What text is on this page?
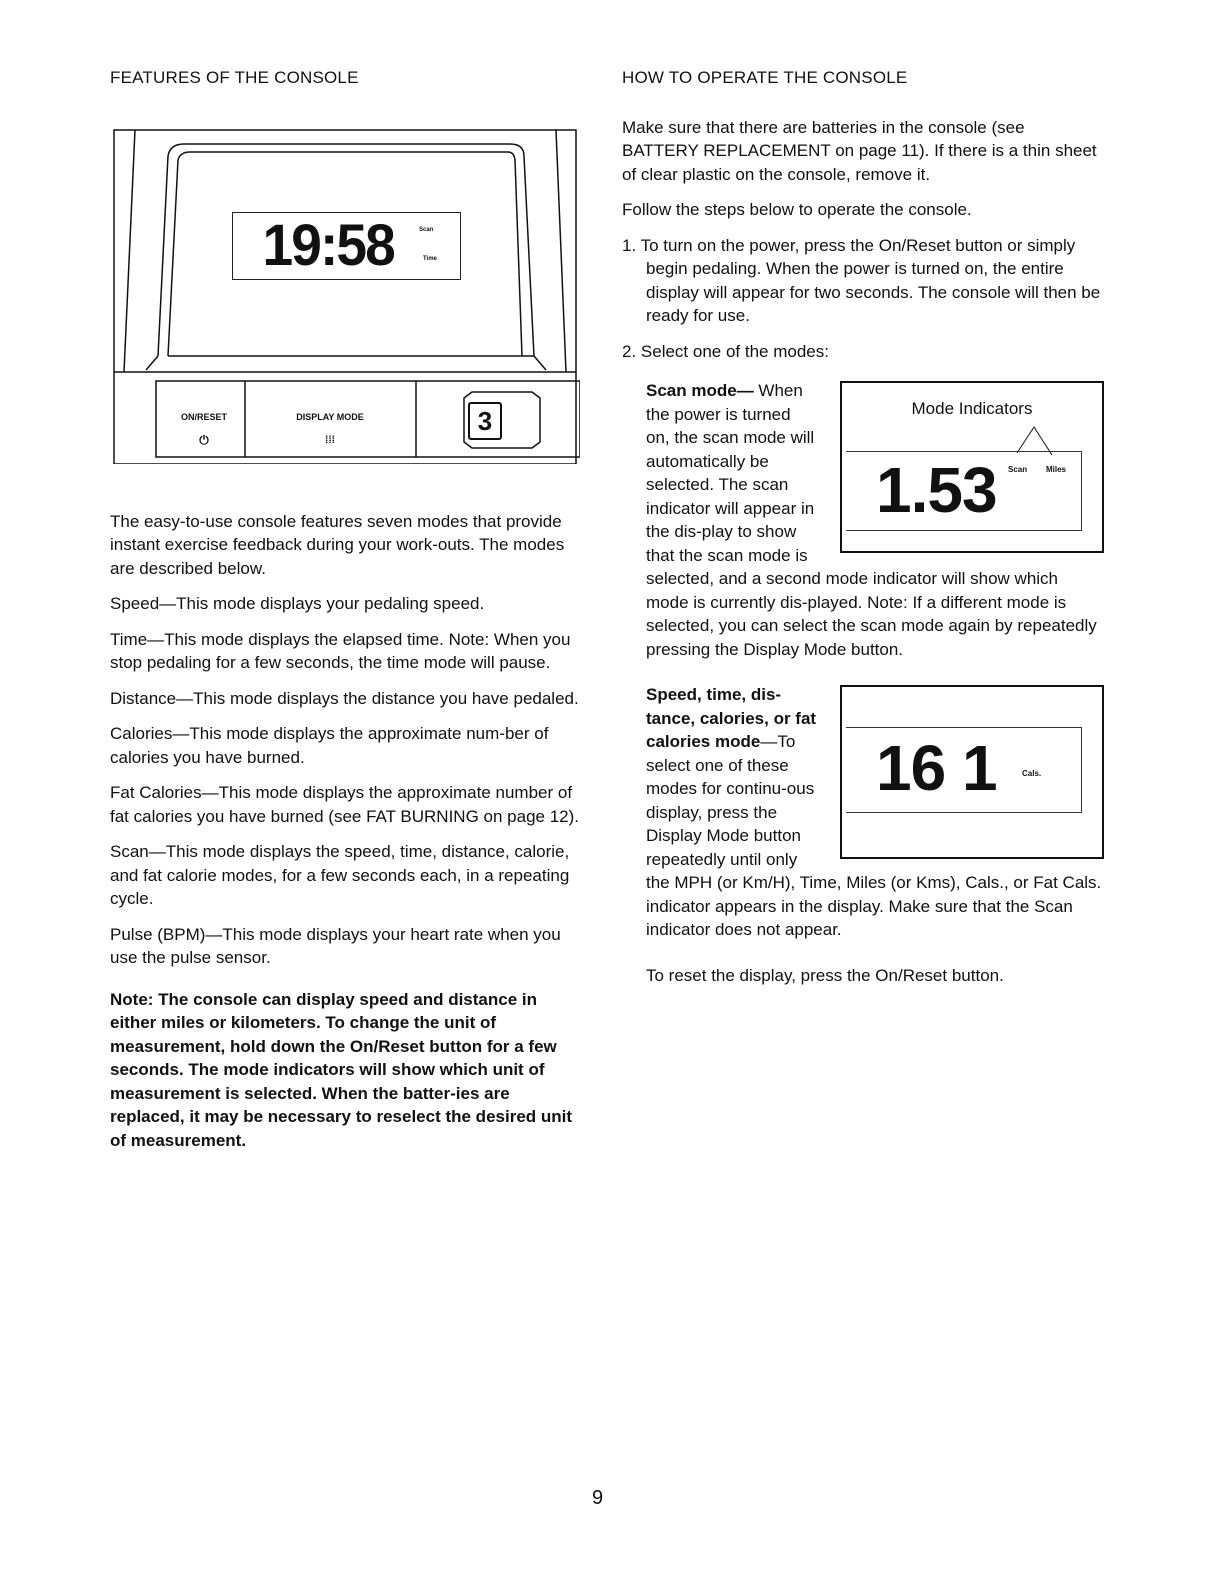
FEATURES OF THE CONSOLE
19:58	Scan
Time
ON/RESET
⏻
DISPLAY MODE
⁞⁞⁞
3

The easy-to-use console features seven modes that provide instant exercise feedback during your work-outs. The modes are described below.

Speed—This mode displays your pedaling speed.

Time—This mode displays the elapsed time. Note: When you stop pedaling for a few seconds, the time mode will pause.

Distance—This mode displays the distance you have pedaled.

Calories—This mode displays the approximate num-ber of calories you have burned.

Fat Calories—This mode displays the approximate number of fat calories you have burned (see FAT BURNING on page 12).

Scan—This mode displays the speed, time, distance, calorie, and fat calorie modes, for a few seconds each, in a repeating cycle.

Pulse (BPM)—This mode displays your heart rate when you use the pulse sensor.

Note: The console can display speed and distance in either miles or kilometers. To change the unit of measurement, hold down the On/Reset button for a few seconds. The mode indicators will show which unit of measurement is selected. When the batter-ies are replaced, it may be necessary to reselect the desired unit of measurement.

HOW TO OPERATE THE CONSOLE

Make sure that there are batteries in the console (see BATTERY REPLACEMENT on page 11). If there is a thin sheet of clear plastic on the console, remove it.

Follow the steps below to operate the console.

1. To turn on the power, press the On/Reset button or simply begin pedaling. When the power is turned on, the entire display will appear for two seconds. The console will then be ready for use.

2. Select one of the modes:

Mode Indicators
1.53 Scan Miles

Scan mode— When the power is turned on, the scan mode will automatically be selected. The scan indicator will appear in the dis-play to show that the scan mode is selected, and a second mode indicator will show which mode is currently dis-played. Note: If a different mode is selected, you can select the scan mode again by repeatedly pressing the Display Mode button.

16 1	Cals.

Speed, time, dis-tance, calories, or fat calories mode—To select one of these modes for continu-ous display, press the Display Mode button repeatedly until only the MPH (or Km/H), Time, Miles (or Kms), Cals., or Fat Cals. indicator appears in the display. Make sure that the Scan indicator does not appear.

To reset the display, press the On/Reset button.

9
